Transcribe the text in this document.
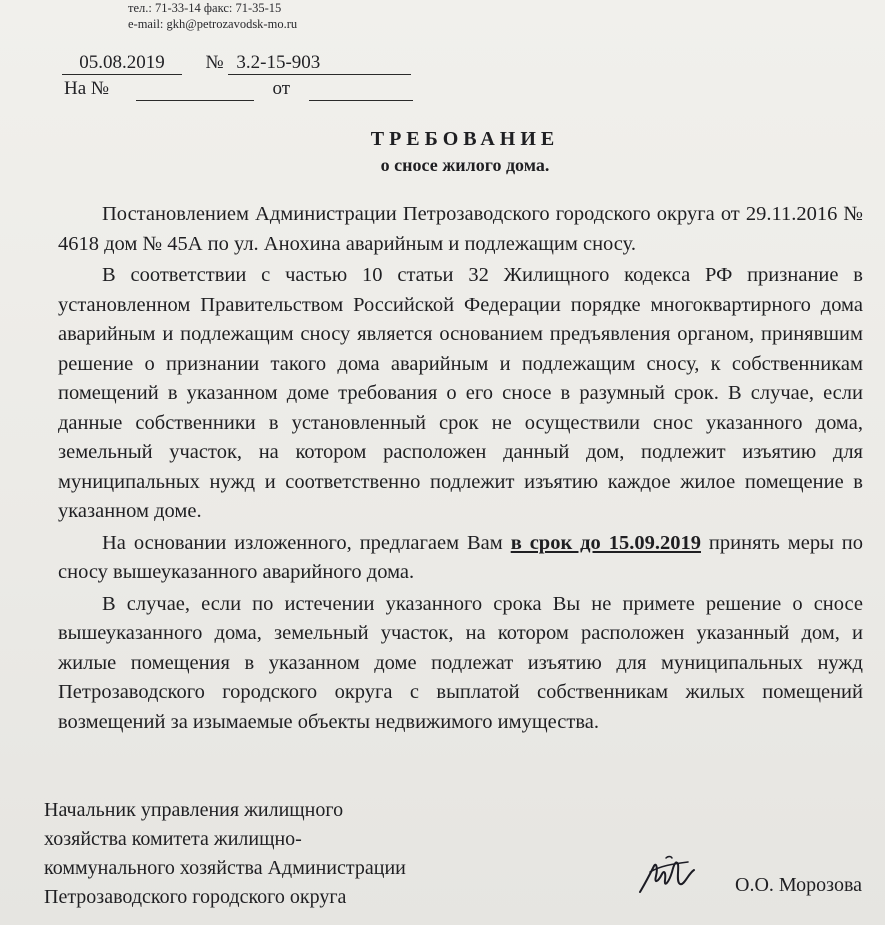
тел.: 71-33-14 факс: 71-35-15
e-mail: gkh@petrozavodsk-mo.ru
05.08.2019 № 3.2-15-903
На №	от
ТРЕБОВАНИЕ
о сносе жилого дома.

Постановлением Администрации Петрозаводского городского округа от 29.11.2016 № 4618 дом № 45А по ул. Анохина аварийным и подлежащим сносу.

В соответствии с частью 10 статьи 32 Жилищного кодекса РФ признание в установленном Правительством Российской Федерации порядке многоквартирного дома аварийным и подлежащим сносу является основанием предъявления органом, принявшим решение о признании такого дома аварийным и подлежащим сносу, к собственникам помещений в указанном доме требования о его сносе в разумный срок. В случае, если данные собственники в установленный срок не осуществили снос указанного дома, земельный участок, на котором расположен данный дом, подлежит изъятию для муниципальных нужд и соответственно подлежит изъятию каждое жилое помещение в указанном доме.

На основании изложенного, предлагаем Вам в срок до 15.09.2019 принять меры по сносу вышеуказанного аварийного дома.

В случае, если по истечении указанного срока Вы не примете решение о сносе вышеуказанного дома, земельный участок, на котором расположен указанный дом, и жилые помещения в указанном доме подлежат изъятию для муниципальных нужд Петрозаводского городского округа с выплатой собственникам жилых помещений возмещений за изымаемые объекты недвижимого имущества.

Начальник управления жилищного
хозяйства комитета жилищно-
коммунального хозяйства Администрации
Петрозаводского городского округа
О.О. Морозова
